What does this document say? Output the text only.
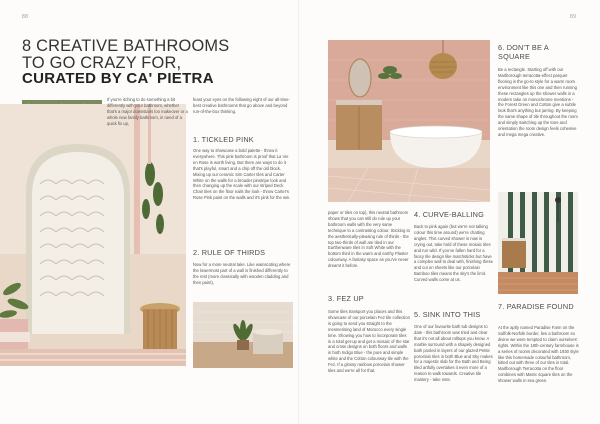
88
8 CREATIVE BATHROOMS
TO GO CRAZY FOR,
CURATED BY CA' PIETRA
If you're itching to do something a bit differently with your bathroom, whether that's a major downstairs loo makeover or a whole new family bathroom, in need of a quick fix up,
feast your eyes on the following eight of our all-time-best creative bathrooms that go above and beyond run-of-the-box thinking.
1. TICKLED PINK
One way to showcase a bold palette - throw it everywhere. This pink bathroom is proof that La Vie en Rose is worth living. But there are ways to do it that's playful, smart and a chip off the old block. Mixing up our ceramic Sim Carter tiles and Carter White on the walls for a broader pinstripe look and then changing up the scale with our striped Deck Chair tiles on the floor nails the look - throw Carter's Rose Pink paint on the walls and it's pink for the win.
2. RULE OF THIRDS
Now for a more neutral take. Like wainscoting where the lowermost part of a wall is finished differently to the rest (more classically with wooden cladding and then paint),
89
paper or tiles on top), this neutral bathroom shows that you can still do rule up your bathroom walls with the very same technique to a contrasting colour. Sticking to the aesthetically-pleasing rule of thirds - the top two-thirds of wall are tiled in our Earthenware tiles in Soft White with the bottom third in the warm and earthy Plaster colourway. A fantasy space as you've never dreamt it before.
3. FEZ UP
Some tiles transport you places and this showcase of our porcelain Fez tile collection is going to send you straight to the mesmerising land of Morocco every single time. Showing you how to incorporate tiles in a total get-up and get a mosaic of the star and cross designs on both floors and walls in both Indigo Blue - the pure and simple white and the Cotton colourway tile with the Fez. If a glossy rainbow porcelain shower tiles and we're all for that.
4. CURVE-BALLING
Back to pink again (but we're not talking colour this time around) we're chatting angles. This curved shower is now is crying out, take hold of these mosaic tiles and run wild. If you've fallen hard for a fancy tile design like matchsticks but have a complex wall to deal with, finishing these and cut on sheets like our porcelain Bamboo tiles means the sky's the limit. Curved walls come at us.
5. SINK INTO THIS
One of our favourite bath tub designs to date - this bathroom was tried and clear that it's not all about rolltops you know. A marble surround with a shapely designed bath pooled in layers of our glazed Petite porcelain tiles in both Blue and Sky makes for a majestic slab for the Bath and Being tiled artfully overtakes it even more of a reason to walk towards. Creative tile mastery - take note.
6. DON'T BE A SQUARE
Be a rectangle. Starting off with our Marlborough terracotta-effect parquet flooring is the go-to style for a warm room environment like this one and then running these rectangles up the shower walls in a modern take on monochrome mentions - the Forest Green and Cotton give a subtle look that's anything but jarring. By keeping the same shape of tile throughout the room and simply switching up the tone and orientation the room design feels cohesive and mega mega creative.
7. PARADISE FOUND
At the aptly named Paradise Farm on the Suffolk-Norfolk border, lies a bathroom so divine we were tempted to claim ourselves' rights. Within the 18th-century farmhouse is a series of rooms decorated with 1930 style like this homemade colourful bathroom, kitted out with three of our tiles in total. Marlborough Terracotta on the floor combines with Matric square tiles on the shower walls in sea green.
